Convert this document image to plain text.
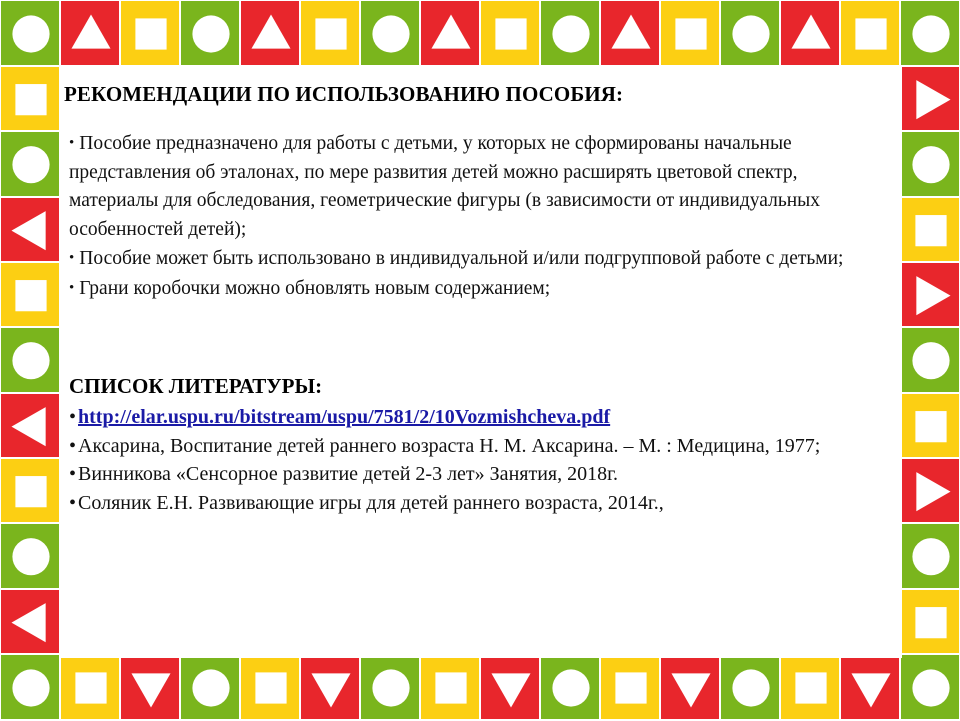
РЕКОМЕНДАЦИИ ПО ИСПОЛЬЗОВАНИЮ ПОСОБИЯ:
• Пособие предназначено для работы с детьми, у которых не сформированы начальные представления об эталонах, по мере развития детей можно расширять цветовой спектр, материалы для обследования, геометрические фигуры (в зависимости от индивидуальных особенностей детей);
• Пособие может быть использовано в индивидуальной и/или подгрупповой работе с детьми;
• Грани коробочки можно обновлять новым содержанием;
СПИСОК ЛИТЕРАТУРЫ:
• http://elar.uspu.ru/bitstream/uspu/7581/2/10Vozmishcheva.pdf
• Аксарина, Воспитание детей раннего возраста Н. М. Аксарина. – М. : Медицина, 1977;
• Винникова «Сенсорное развитие детей 2-3 лет» Занятия, 2018г.
• Соляник Е.Н. Развивающие игры для детей раннего возраста, 2014г.,
